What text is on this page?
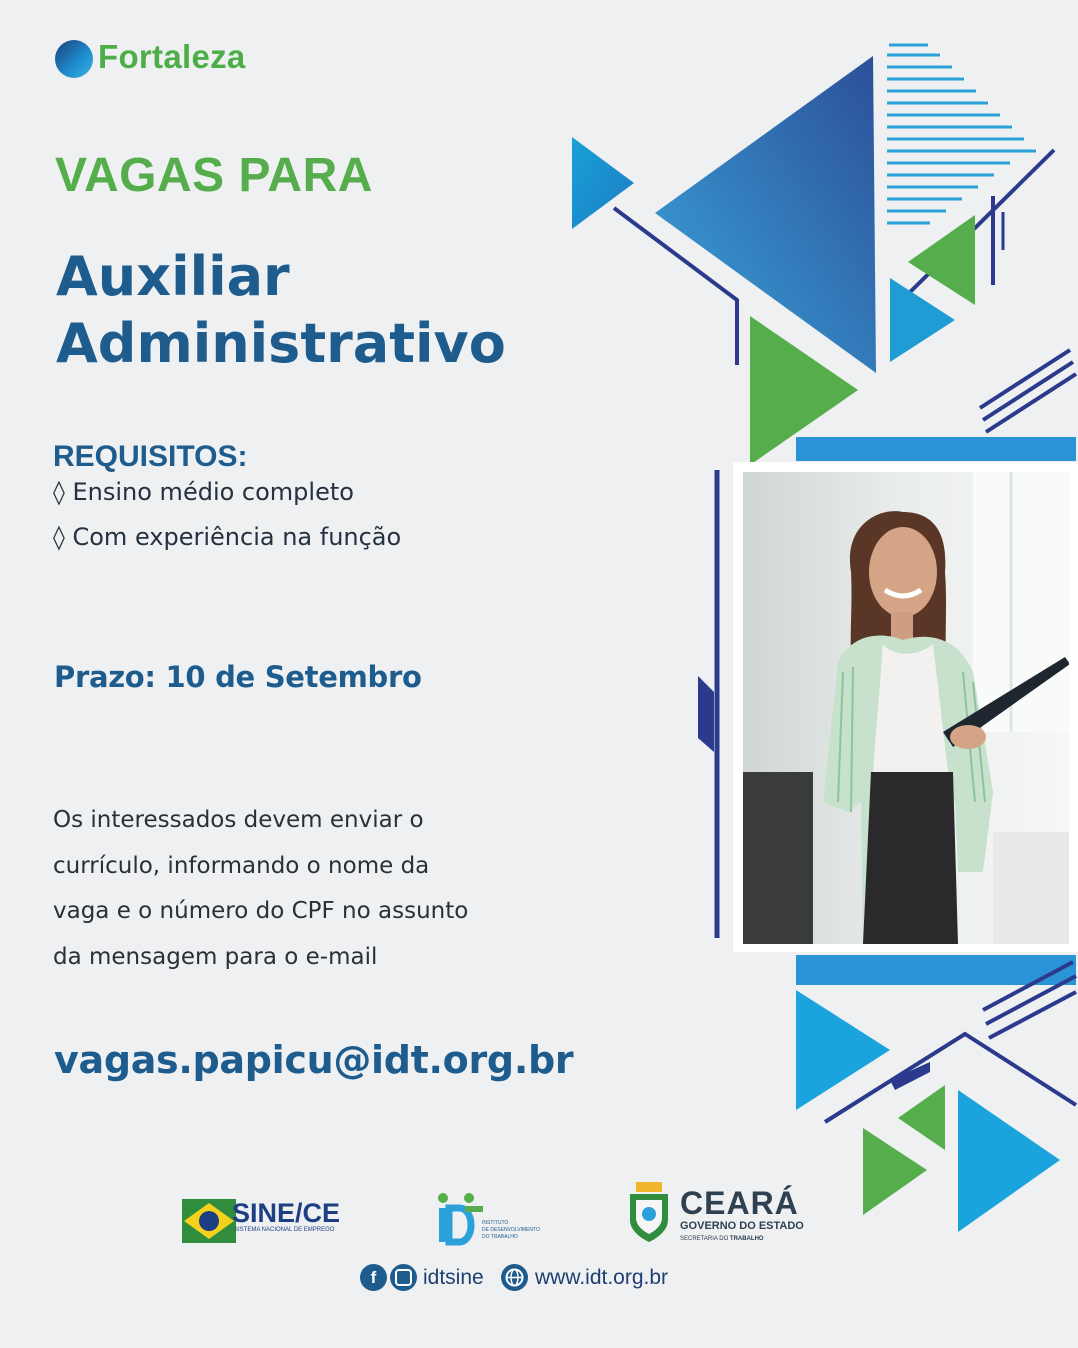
Fortaleza
VAGAS PARA
Auxiliar
Administrativo
REQUISITOS:
◊ Ensino médio completo
◊ Com experiência na função
Prazo: 10 de Setembro
Os interessados devem enviar o
currículo, informando o nome da
vaga e o número do CPF no assunto
da mensagem para o e-mail
vagas.papicu@idt.org.br
SINE/CE
SISTEMA NACIONAL DE EMPREGO
INSTITUTO
DE DESENVOLVIMENTO
DO TRABALHO
CEARÁ
GOVERNO DO ESTADO
SECRETARIA DO TRABALHO
f	idtsine www.idt.org.br
